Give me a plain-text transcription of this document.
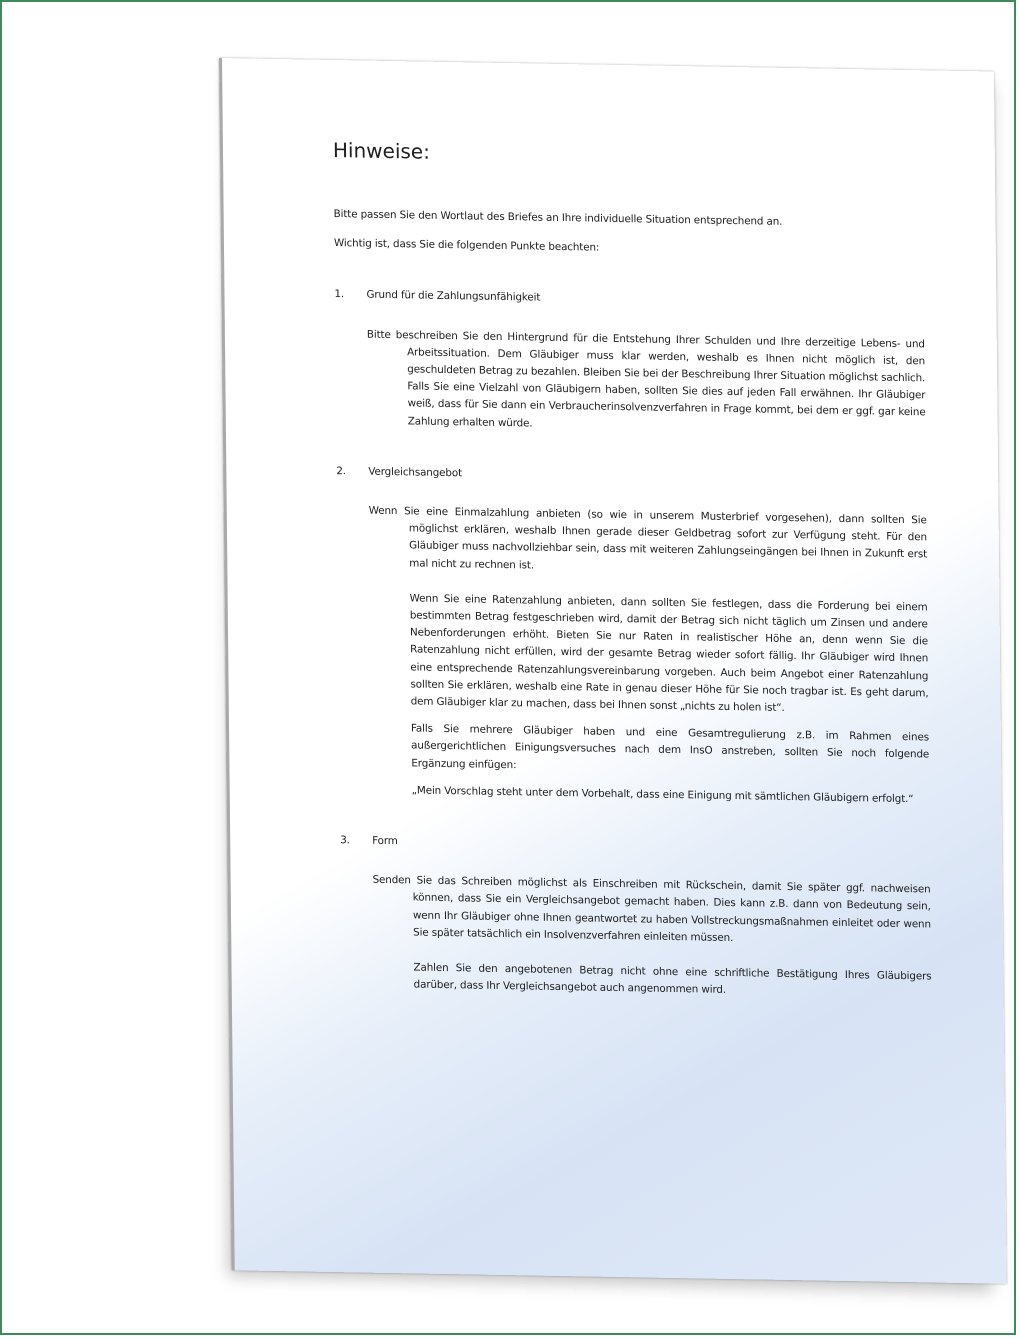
Hinweise:

Bitte passen Sie den Wortlaut des Briefes an Ihre individuelle Situation entsprechend an.

Wichtig ist, dass Sie die folgenden Punkte beachten:

1.	Grund für die Zahlungsunfähigkeit

Bitte beschreiben Sie den Hintergrund für die Entstehung Ihrer Schulden und Ihre derzeitige Lebens- und Arbeitssituation. Dem Gläubiger muss klar werden, weshalb es Ihnen nicht möglich ist, den geschuldeten Betrag zu bezahlen. Bleiben Sie bei der Beschreibung Ihrer Situation möglichst sachlich. Falls Sie eine Vielzahl von Gläubigern haben, sollten Sie dies auf jeden Fall erwähnen. Ihr Gläubiger weiß, dass für Sie dann ein Verbraucherinsolvenzverfahren in Frage kommt, bei dem er ggf. gar keine Zahlung erhalten würde.

2.	Vergleichsangebot

Wenn Sie eine Einmalzahlung anbieten (so wie in unserem Musterbrief vorgesehen), dann sollten Sie möglichst erklären, weshalb Ihnen gerade dieser Geldbetrag sofort zur Verfügung steht. Für den Gläubiger muss nachvollziehbar sein, dass mit weiteren Zahlungseingängen bei Ihnen in Zukunft erst mal nicht zu rechnen ist.

Wenn Sie eine Ratenzahlung anbieten, dann sollten Sie festlegen, dass die Forderung bei einem bestimmten Betrag festgeschrieben wird, damit der Betrag sich nicht täglich um Zinsen und andere Nebenforderungen erhöht. Bieten Sie nur Raten in realistischer Höhe an, denn wenn Sie die Ratenzahlung nicht erfüllen, wird der gesamte Betrag wieder sofort fällig. Ihr Gläubiger wird Ihnen eine entsprechende Ratenzahlungsvereinbarung vorgeben. Auch beim Angebot einer Ratenzahlung sollten Sie erklären, weshalb eine Rate in genau dieser Höhe für Sie noch tragbar ist. Es geht darum, dem Gläubiger klar zu machen, dass bei Ihnen sonst „nichts zu holen ist“.

Falls Sie mehrere Gläubiger haben und eine Gesamtregulierung z.B. im Rahmen eines außergerichtlichen Einigungsversuches nach dem InsO anstreben, sollten Sie noch folgende Ergänzung einfügen:

„Mein Vorschlag steht unter dem Vorbehalt, dass eine Einigung mit sämtlichen Gläubigern erfolgt.“

3.	Form

Senden Sie das Schreiben möglichst als Einschreiben mit Rückschein, damit Sie später ggf. nachweisen können, dass Sie ein Vergleichsangebot gemacht haben. Dies kann z.B. dann von Bedeutung sein, wenn Ihr Gläubiger ohne Ihnen geantwortet zu haben Vollstreckungsmaßnahmen einleitet oder wenn Sie später tatsächlich ein Insolvenzverfahren einleiten müssen.

Zahlen Sie den angebotenen Betrag nicht ohne eine schriftliche Bestätigung Ihres Gläubigers darüber, dass Ihr Vergleichsangebot auch angenommen wird.
